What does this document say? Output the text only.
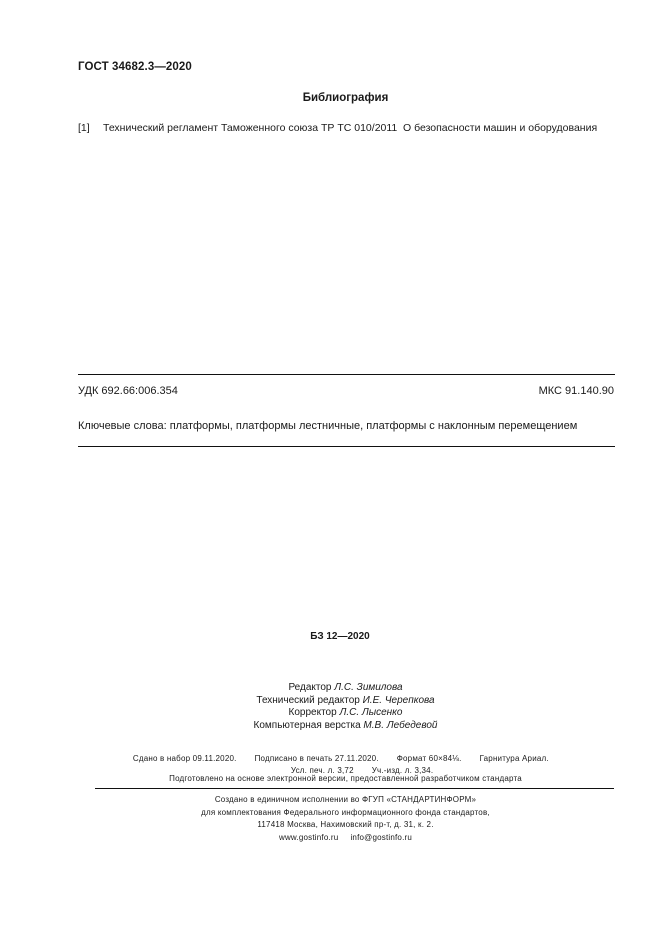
ГОСТ 34682.3—2020
Библиография
[1] Технический регламент Таможенного союза ТР ТС 010/2011 О безопасности машин и оборудования
УДК 692.66:006.354	МКС 91.140.90
Ключевые слова: платформы, платформы лестничные, платформы с наклонным перемещением
БЗ 12—2020
Редактор Л.С. Зимилова
Технический редактор И.Е. Черепкова
Корректор Л.С. Лысенко
Компьютерная верстка М.В. Лебедевой

Сдано в набор 09.11.2020. Подписано в печать 27.11.2020. Формат 60×84⅛. Гарнитура Ариал.

Усл. печ. л. 3,72 Уч.-изд. л. 3,34.

Подготовлено на основе электронной версии, предоставленной разработчиком стандарта
Создано в единичном исполнении во ФГУП «СТАНДАРТИНФОРМ»
для комплектования Федерального информационного фонда стандартов,
117418 Москва, Нахимовский пр-т, д. 31, к. 2.
www.gostinfo.ru info@gostinfo.ru
